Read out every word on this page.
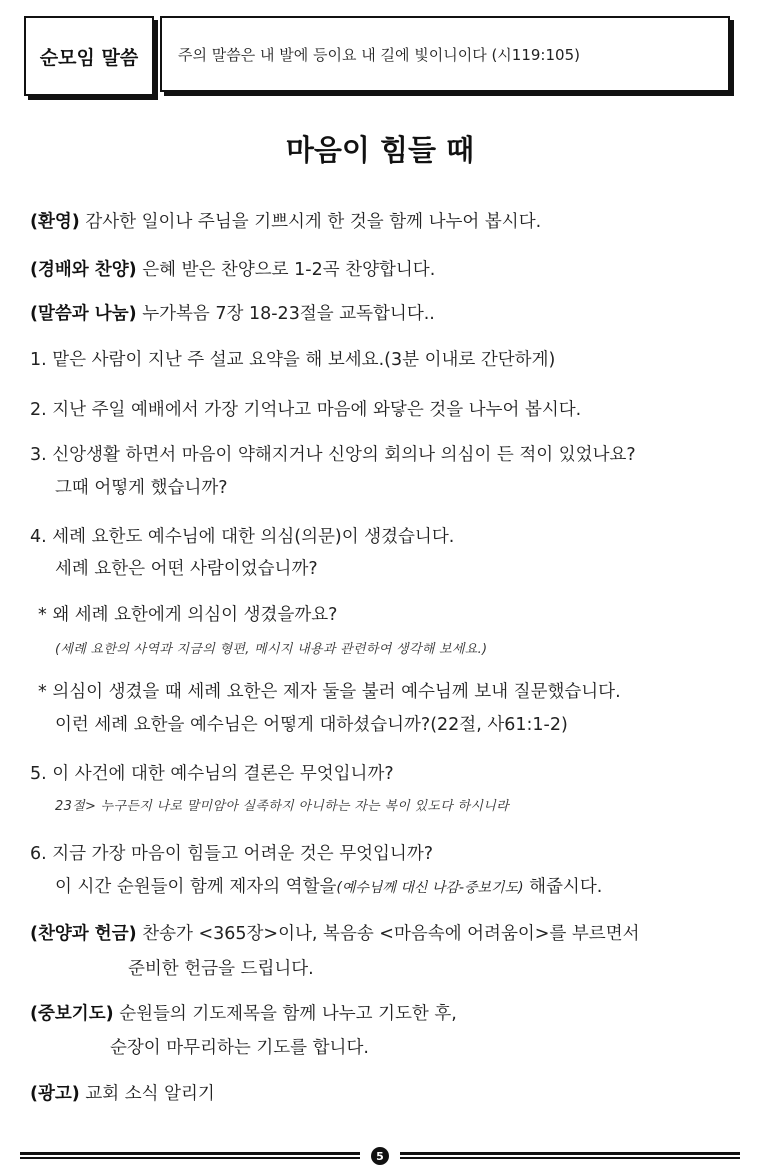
순모임 말씀	주의 말씀은 내 발에 등이요 내 길에 빛이니이다 (시119:105)
마음이 힘들 때
(환영) 감사한 일이나 주님을 기쁘시게 한 것을 함께 나누어 봅시다.
(경배와 찬양) 은혜 받은 찬양으로 1-2곡 찬양합니다.
(말씀과 나눔) 누가복음 7장 18-23절을 교독합니다..
1. 맡은 사람이 지난 주 설교 요약을 해 보세요.(3분 이내로 간단하게)
2. 지난 주일 예배에서 가장 기억나고 마음에 와닿은 것을 나누어 봅시다.
3. 신앙생활 하면서 마음이 약해지거나 신앙의 회의나 의심이 든 적이 있었나요?
그때 어떻게 했습니까?
4. 세례 요한도 예수님에 대한 의심(의문)이 생겼습니다.
세례 요한은 어떤 사람이었습니까?
* 왜 세례 요한에게 의심이 생겼을까요?
(세례 요한의 사역과 지금의 형편, 메시지 내용과 관련하여 생각해 보세요.)
* 의심이 생겼을 때 세례 요한은 제자 둘을 불러 예수님께 보내 질문했습니다.
이런 세례 요한을 예수님은 어떻게 대하셨습니까?(22절, 사61:1-2)
5. 이 사건에 대한 예수님의 결론은 무엇입니까?
23절> 누구든지 나로 말미암아 실족하지 아니하는 자는 복이 있도다 하시니라
6. 지금 가장 마음이 힘들고 어려운 것은 무엇입니까?
이 시간 순원들이 함께 제자의 역할을(예수님께 대신 나감-중보기도) 해줍시다.
(찬양과 헌금) 찬송가 <365장>이나, 복음송 <마음속에 어려움이>를 부르면서
준비한 헌금을 드립니다.
(중보기도) 순원들의 기도제목을 함께 나누고 기도한 후,
순장이 마무리하는 기도를 합니다.
(광고) 교회 소식 알리기
5
